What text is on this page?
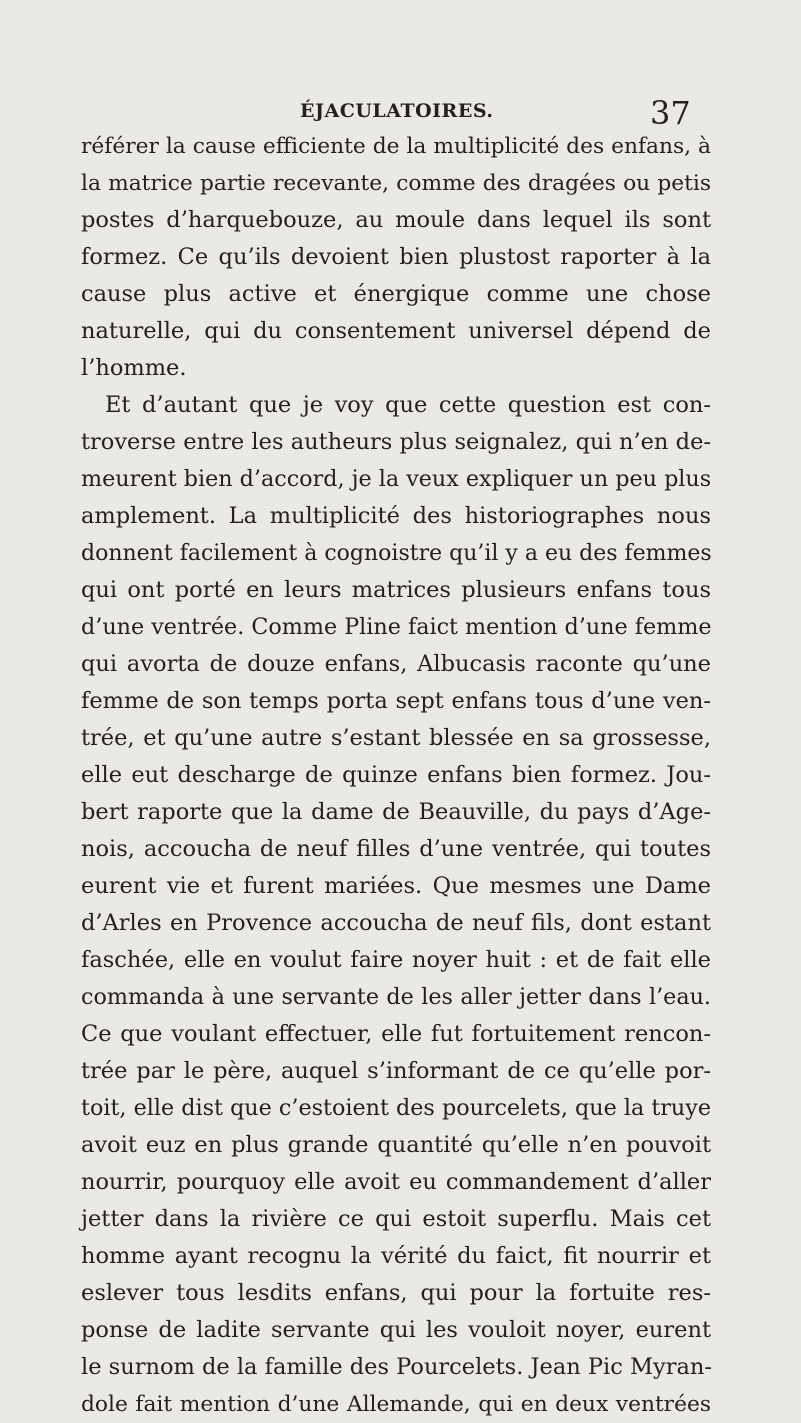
ÉJACULATOIRES.	37
référer la cause efficiente de la multiplicité des enfans, à
la matrice partie recevante, comme des dragées ou petis
postes d’harquebouze, au moule dans lequel ils sont
formez. Ce qu’ils devoient bien plustost raporter à la
cause plus active et énergique comme une chose
naturelle, qui du consentement universel dépend de
l’homme.
Et d’autant que je voy que cette question est con-
troverse entre les autheurs plus seignalez, qui n’en de-
meurent bien d’accord, je la veux expliquer un peu plus
amplement. La multiplicité des historiographes nous
donnent facilement à cognoistre qu’il y a eu des femmes
qui ont porté en leurs matrices plusieurs enfans tous
d’une ventrée. Comme Pline faict mention d’une femme
qui avorta de douze enfans, Albucasis raconte qu’une
femme de son temps porta sept enfans tous d’une ven-
trée, et qu’une autre s’estant blessée en sa grossesse,
elle eut descharge de quinze enfans bien formez. Jou-
bert raporte que la dame de Beauville, du pays d’Age-
nois, accoucha de neuf filles d’une ventrée, qui toutes
eurent vie et furent mariées. Que mesmes une Dame
d’Arles en Provence accoucha de neuf fils, dont estant
faschée, elle en voulut faire noyer huit : et de fait elle
commanda à une servante de les aller jetter dans l’eau.
Ce que voulant effectuer, elle fut fortuitement rencon-
trée par le père, auquel s’informant de ce qu’elle por-
toit, elle dist que c’estoient des pourcelets, que la truye
avoit euz en plus grande quantité qu’elle n’en pouvoit
nourrir, pourquoy elle avoit eu commandement d’aller
jetter dans la rivière ce qui estoit superflu. Mais cet
homme ayant recognu la vérité du faict, fit nourrir et
eslever tous lesdits enfans, qui pour la fortuite res-
ponse de ladite servante qui les vouloit noyer, eurent
le surnom de la famille des Pourcelets. Jean Pic Myran-
dole fait mention d’une Allemande, qui en deux ventrées
